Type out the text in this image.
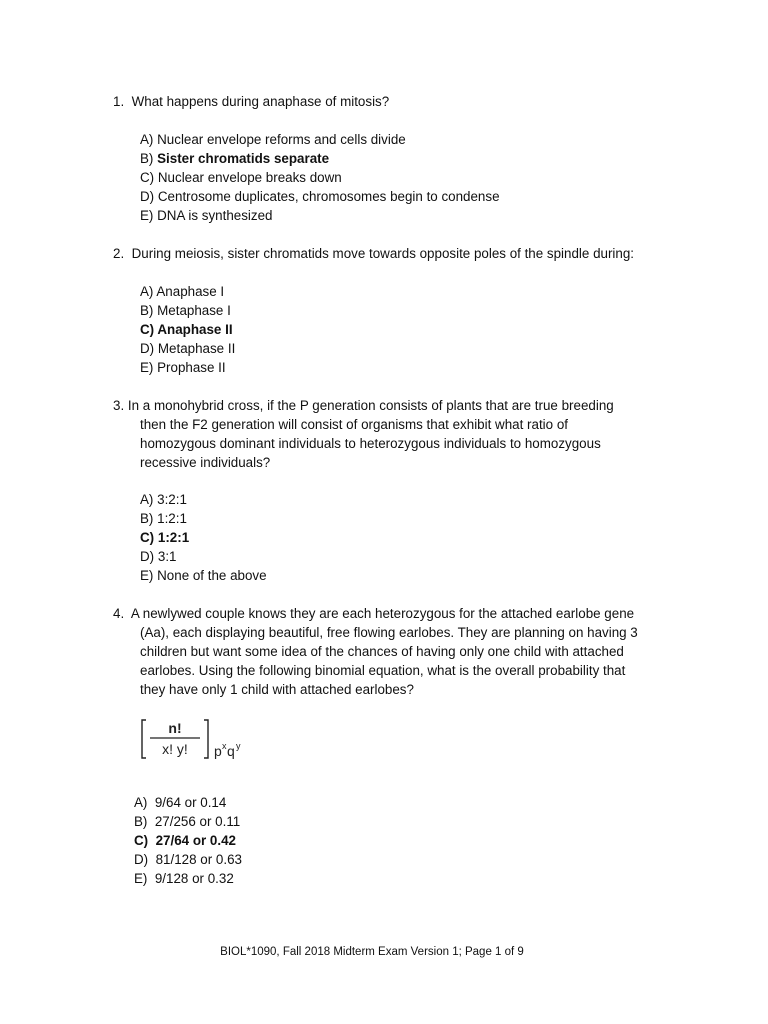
1. What happens during anaphase of mitosis?
A) Nuclear envelope reforms and cells divide
B) Sister chromatids separate
C) Nuclear envelope breaks down
D) Centrosome duplicates, chromosomes begin to condense
E) DNA is synthesized
2. During meiosis, sister chromatids move towards opposite poles of the spindle during:
A) Anaphase I
B) Metaphase I
C) Anaphase II
D) Metaphase II
E) Prophase II
3. In a monohybrid cross, if the P generation consists of plants that are true breeding
then the F2 generation will consist of organisms that exhibit what ratio of
homozygous dominant individuals to heterozygous individuals to homozygous
recessive individuals?
A) 3:2:1
B) 1:2:1
C) 1:2:1
D) 3:1
E) None of the above
4. A newlywed couple knows they are each heterozygous for the attached earlobe gene
(Aa), each displaying beautiful, free flowing earlobes. They are planning on having 3
children but want some idea of the chances of having only one child with attached
earlobes. Using the following binomial equation, what is the overall probability that
they have only 1 child with attached earlobes?
n!
x! y! p x q y
A) 9/64 or 0.14
B) 27/256 or 0.11
C) 27/64 or 0.42
D) 81/128 or 0.63
E) 9/128 or 0.32
BIOL*1090, Fall 2018 Midterm Exam Version 1; Page 1 of 9
